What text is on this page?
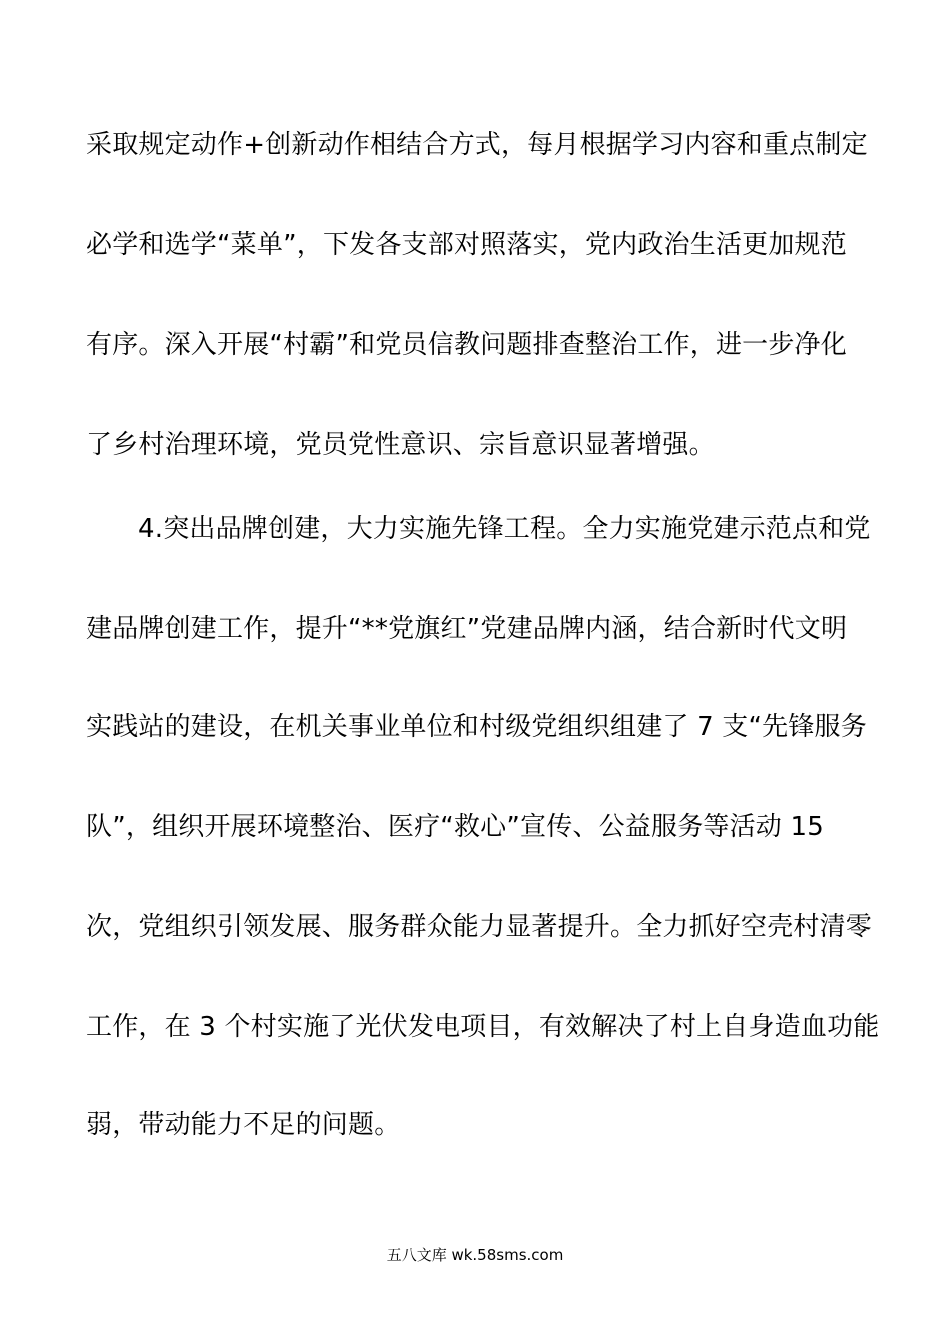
采取规定动作+创新动作相结合方式，每月根据学习内容和重点制定
必学和选学“菜单”，下发各支部对照落实，党内政治生活更加规范
有序。深入开展“村霸”和党员信教问题排查整治工作，进一步净化
了乡村治理环境，党员党性意识、宗旨意识显著增强。
4.突出品牌创建，大力实施先锋工程。全力实施党建示范点和党
建品牌创建工作，提升“**党旗红”党建品牌内涵，结合新时代文明
实践站的建设，在机关事业单位和村级党组织组建了 7 支“先锋服务
队”，组织开展环境整治、医疗“救心”宣传、公益服务等活动 15
次，党组织引领发展、服务群众能力显著提升。全力抓好空壳村清零
工作，在 3 个村实施了光伏发电项目，有效解决了村上自身造血功能
弱，带动能力不足的问题。
五八文库 wk.58sms.com
